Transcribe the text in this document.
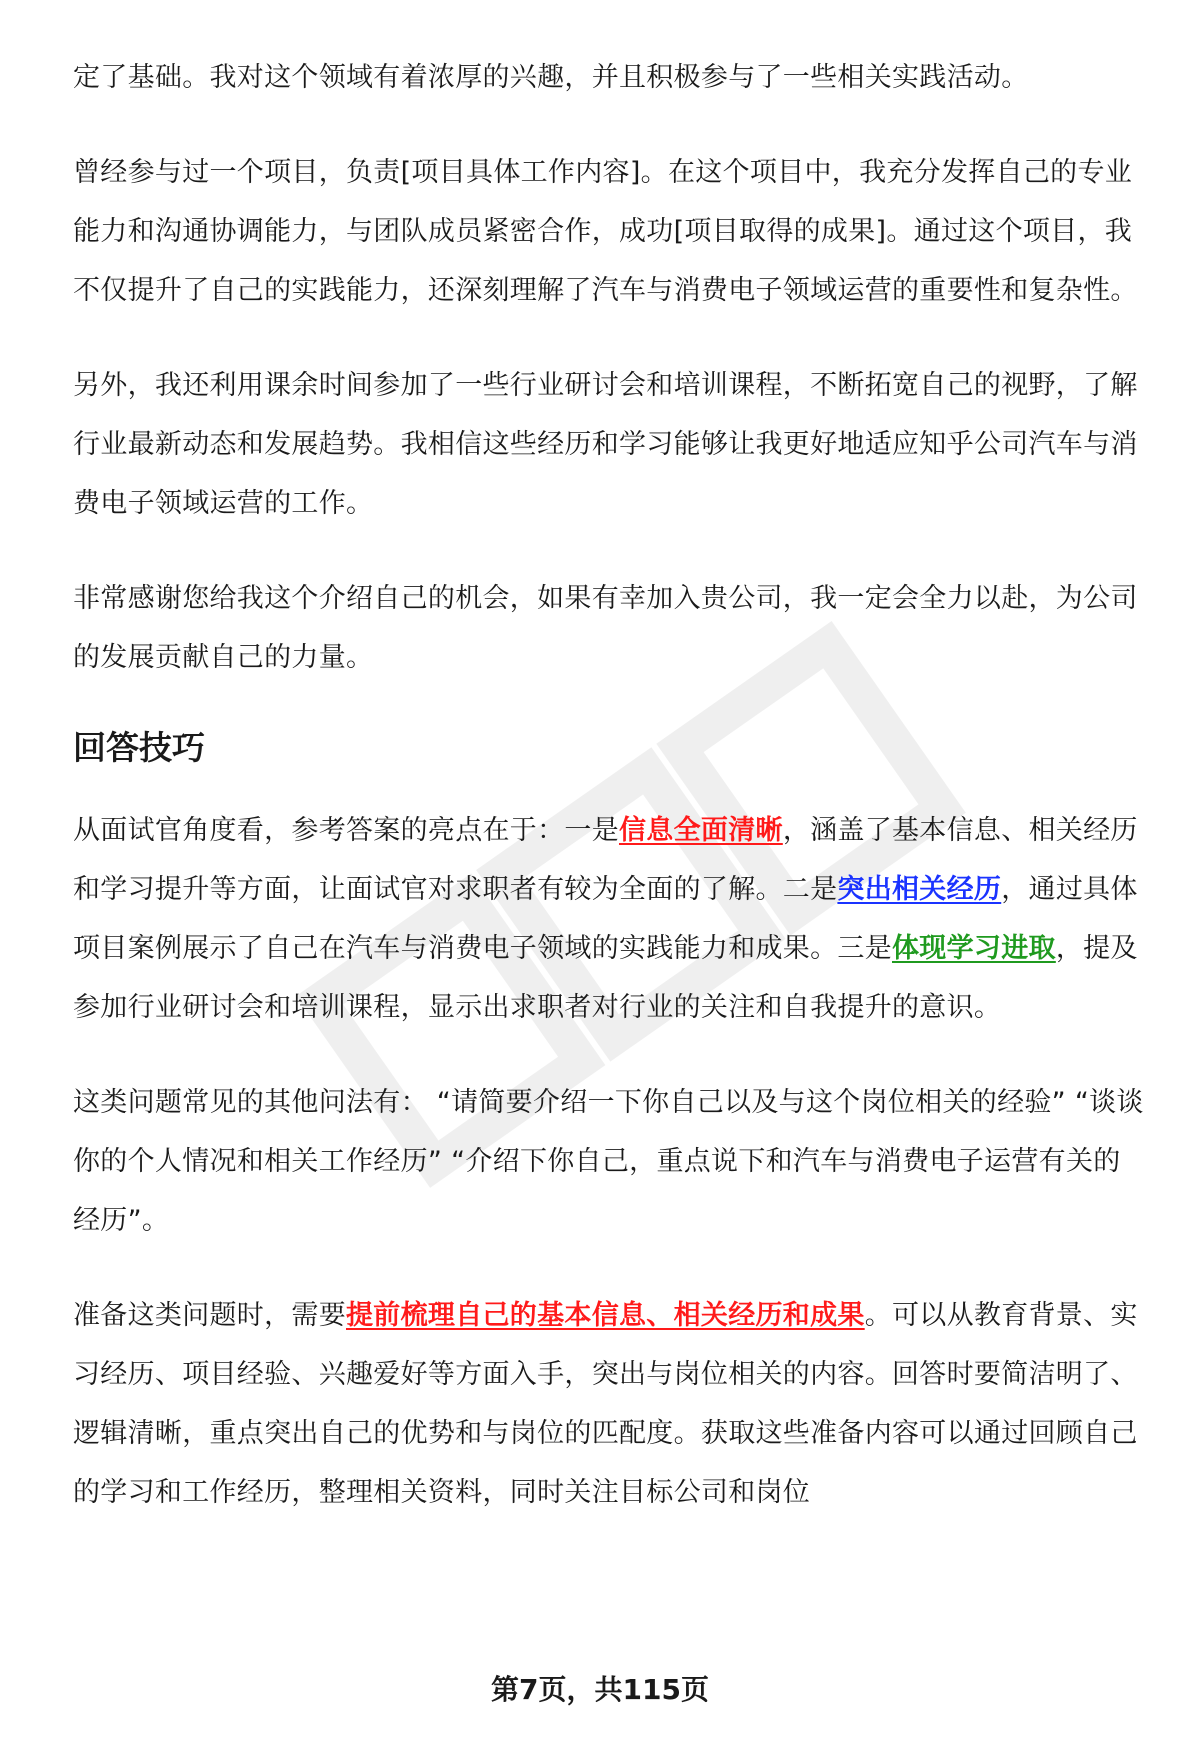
定了基础。我对这个领域有着浓厚的兴趣，并且积极参与了一些相关实践活动。

曾经参与过一个项目，负责[项目具体工作内容]。在这个项目中，我充分发挥自己的专业能力和沟通协调能力，与团队成员紧密合作，成功[项目取得的成果]。通过这个项目，我不仅提升了自己的实践能力，还深刻理解了汽车与消费电子领域运营的重要性和复杂性。

另外，我还利用课余时间参加了一些行业研讨会和培训课程，不断拓宽自己的视野，了解行业最新动态和发展趋势。我相信这些经历和学习能够让我更好地适应知乎公司汽车与消费电子领域运营的工作。

非常感谢您给我这个介绍自己的机会，如果有幸加入贵公司，我一定会全力以赴，为公司的发展贡献自己的力量。

回答技巧

从面试官角度看，参考答案的亮点在于：一是信息全面清晰，涵盖了基本信息、相关经历和学习提升等方面，让面试官对求职者有较为全面的了解。二是突出相关经历，通过具体项目案例展示了自己在汽车与消费电子领域的实践能力和成果。三是体现学习进取，提及参加行业研讨会和培训课程，显示出求职者对行业的关注和自我提升的意识。

这类问题常见的其他问法有： “请简要介绍一下你自己以及与这个岗位相关的经验” “谈谈你的个人情况和相关工作经历” “介绍下你自己，重点说下和汽车与消费电子运营有关的经历”。

准备这类问题时，需要提前梳理自己的基本信息、相关经历和成果。可以从教育背景、实习经历、项目经验、兴趣爱好等方面入手，突出与岗位相关的内容。回答时要简洁明了、逻辑清晰，重点突出自己的优势和与岗位的匹配度。获取这些准备内容可以通过回顾自己的学习和工作经历，整理相关资料，同时关注目标公司和岗位

第7页，共115页
